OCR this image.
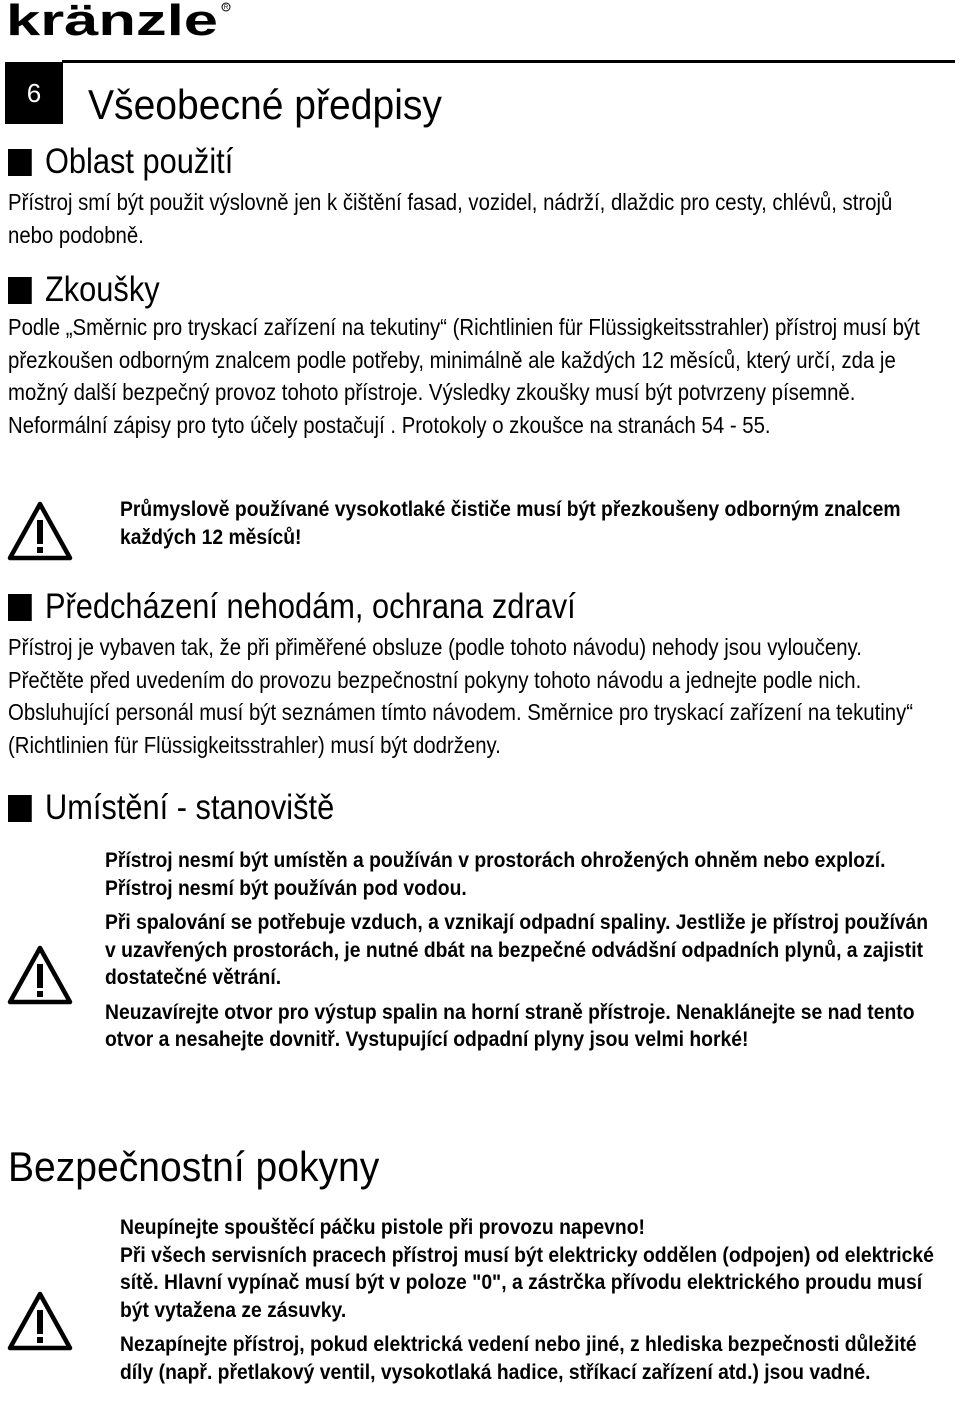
kränzle R
6	Všeobecné předpisy
Oblast použití

Přístroj smí být použit výslovně jen k čištění fasad, vozidel, nádrží, dlaždic pro cesty, chlévů, strojů nebo podobně.

Zkoušky

Podle „Směrnic pro tryskací zařízení na tekutiny“ (Richtlinien für Flüssigkeitsstrahler) přístroj musí být přezkoušen odborným znalcem podle potřeby, minimálně ale každých 12 měsíců, který určí, zda je možný další bezpečný provoz tohoto přístroje. Výsledky zkoušky musí být potvrzeny písemně. Neformální zápisy pro tyto účely postačují . Protokoly o zkoušce na stranách 54 - 55.

Průmyslově používané vysokotlaké čističe musí být přezkoušeny odborným znalcem každých 12 měsíců!

Předcházení nehodám, ochrana zdraví

Přístroj je vybaven tak, že při přiměřené obsluze (podle tohoto návodu) nehody jsou vyloučeny. Přečtěte před uvedením do provozu bezpečnostní pokyny tohoto návodu a jednejte podle nich. Obsluhující personál musí být seznámen tímto návodem. Směrnice pro tryskací zařízení na tekutiny“ (Richtlinien für Flüssigkeitsstrahler) musí být dodrženy.

Umístění - stanoviště

Přístroj nesmí být umístěn a používán v prostorách ohrožených ohněm nebo explozí. Přístroj nesmí být používán pod vodou.

Při spalování se potřebuje vzduch, a vznikají odpadní spaliny. Jestliže je přístroj používán v uzavřených prostorách, je nutné dbát na bezpečné odvádšní odpadních plynů, a zajistit dostatečné větrání.

Neuzavírejte otvor pro výstup spalin na horní straně přístroje. Nenaklánejte se nad tento otvor a nesahejte dovnitř. Vystupující odpadní plyny jsou velmi horké!

Bezpečnostní pokyny

Neupínejte spouštěcí páčku pistole při provozu napevno!

Při všech servisních pracech přístroj musí být elektricky oddělen (odpojen) od elektrické sítě. Hlavní vypínač musí být v poloze "0", a zástrčka přívodu elektrického proudu musí být vytažena ze zásuvky.

Nezapínejte přístroj, pokud elektrická vedení nebo jiné, z hlediska bezpečnosti důležité díly (např. přetlakový ventil, vysokotlaká hadice, stříkací zařízení atd.) jsou vadné.
